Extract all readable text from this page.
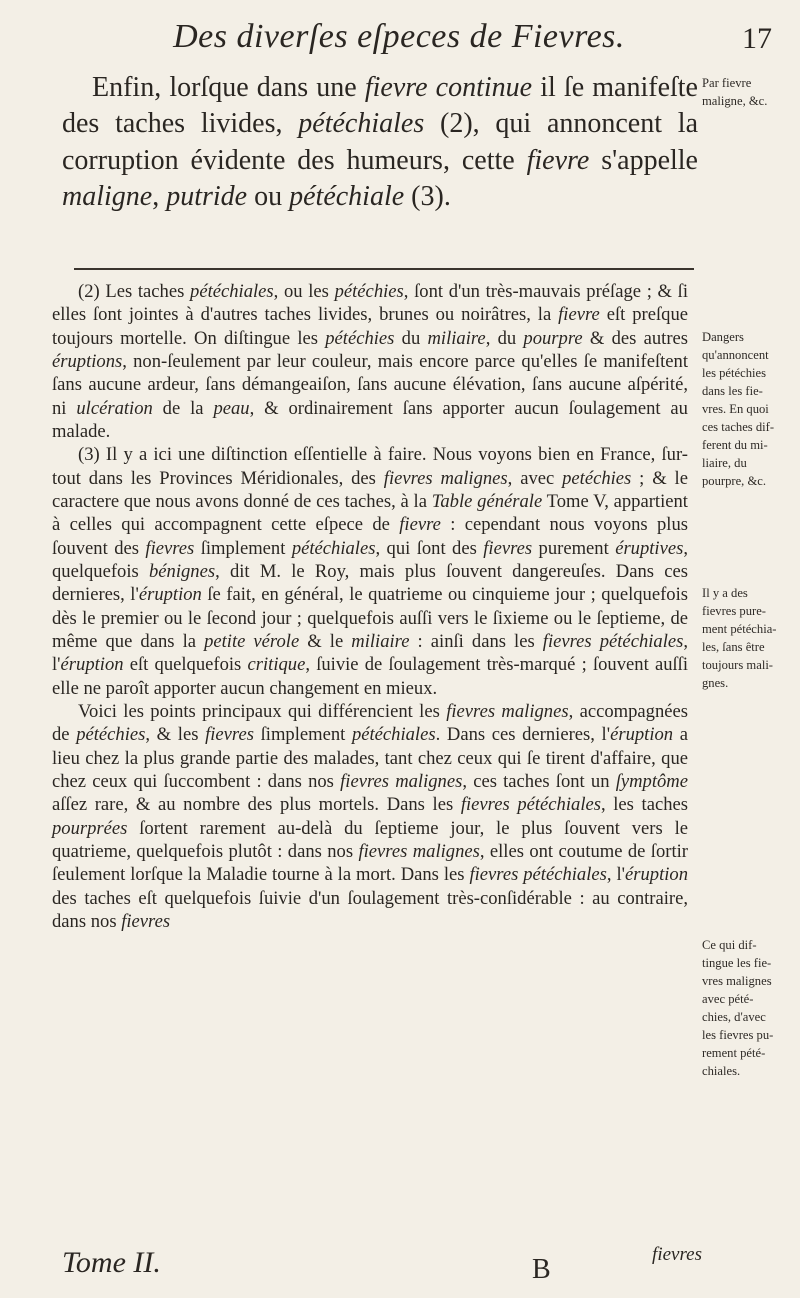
Des diverſes eſpeces de Fievres.	17

Enfin, lorſque dans une fievre continue il ſe manifeſte des taches livides, pétéchiales (2), qui annoncent la corruption évidente des humeurs, cette fievre s'appelle maligne, putride ou pétéchiale (3).

(2) Les taches pétéchiales, ou les pétéchies, ſont d'un très-mauvais préſage ; & ſi elles ſont jointes à d'autres taches livides, brunes ou noirâtres, la fievre eſt preſque toujours mortelle. On diſtingue les pétéchies du miliaire, du pourpre & des autres éruptions, non-ſeulement par leur couleur, mais encore parce qu'elles ſe manifeſtent ſans aucune ardeur, ſans démangeaiſon, ſans aucune élévation, ſans aucune aſpérité, ni ulcération de la peau, & ordinairement ſans apporter aucun ſoulagement au malade.

(3) Il y a ici une diſtinction eſſentielle à faire. Nous voyons bien en France, ſur-tout dans les Provinces Méridionales, des fievres malignes, avec petéchies ; & le caractere que nous avons donné de ces taches, à la Table générale Tome V, appartient à celles qui accompagnent cette eſpece de fievre : cependant nous voyons plus ſouvent des fievres ſimplement pétéchiales, qui ſont des fievres purement éruptives, quelquefois bénignes, dit M. le Roy, mais plus ſouvent dangereuſes. Dans ces dernieres, l'éruption ſe fait, en général, le quatrieme ou cinquieme jour ; quelquefois dès le premier ou le ſecond jour ; quelquefois auſſi vers le ſixieme ou le ſeptieme, de même que dans la petite vérole & le miliaire : ainſi dans les fievres pétéchiales, l'éruption eſt quelquefois critique, ſuivie de ſoulagement très-marqué ; ſouvent auſſi elle ne paroît apporter aucun changement en mieux.

Voici les points principaux qui différencient les fievres malignes, accompagnées de pétéchies, & les fievres ſimplement pétéchiales. Dans ces dernieres, l'éruption a lieu chez la plus grande partie des malades, tant chez ceux qui ſe tirent d'affaire, que chez ceux qui ſuccombent : dans nos fievres malignes, ces taches ſont un ſymptôme aſſez rare, & au nombre des plus mortels. Dans les fievres pétéchiales, les taches pourprées ſortent rarement au-delà du ſeptieme jour, le plus ſouvent vers le quatrieme, quelquefois plutôt : dans nos fievres malignes, elles ont coutume de ſortir ſeulement lorſque la Maladie tourne à la mort. Dans les fievres pétéchiales, l'éruption des taches eſt quelquefois ſuivie d'un ſoulagement très-conſidérable : au contraire, dans nos fievres

Par fievre
maligne, &c.
Dangers
qu'annoncent
les pétéchies
dans les fie-
vres. En quoi
ces taches dif-
ferent du mi-
liaire, du
pourpre, &c.
Il y a des
fievres pure-
ment pétéchia-
les, ſans être
toujours mali-
gnes.
Ce qui dif-
tingue les fie-
vres malignes
avec pété-
chies, d'avec
les fievres pu-
rement pété-
chiales.
Tome II.	B	fievres
